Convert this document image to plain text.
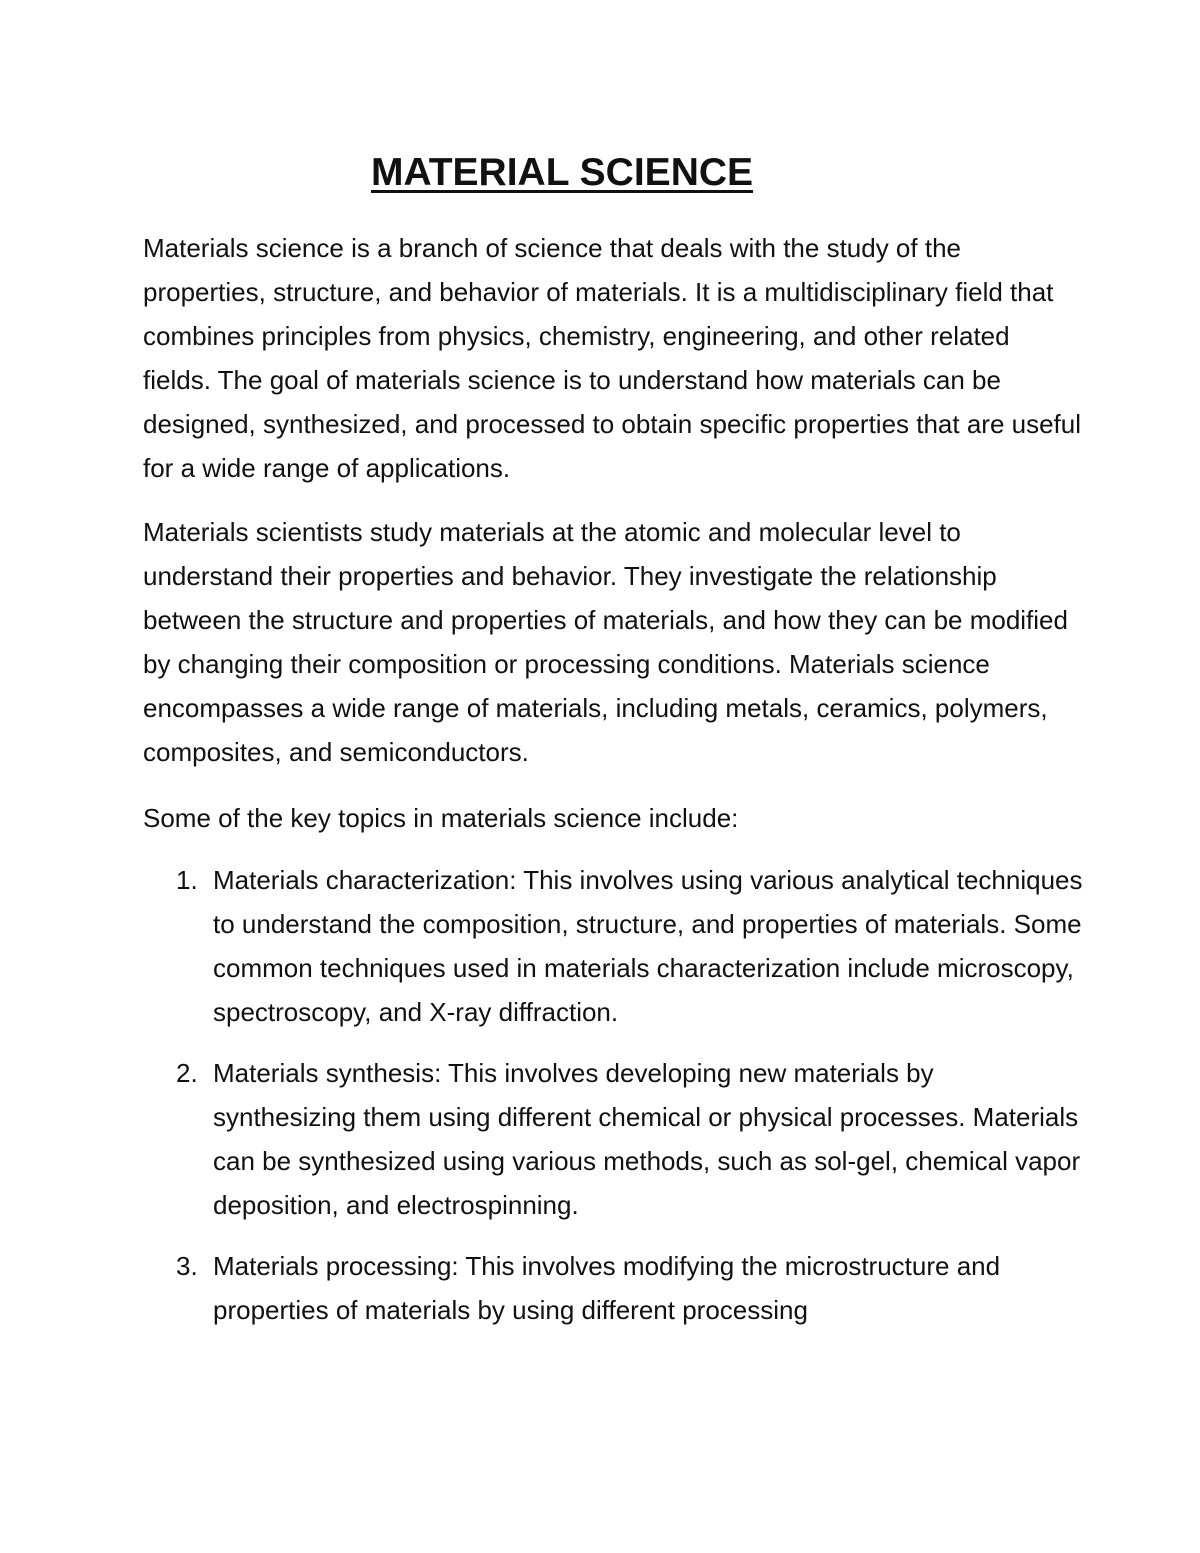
MATERIAL SCIENCE

Materials science is a branch of science that deals with the study of the properties, structure, and behavior of materials. It is a multidisciplinary field that combines principles from physics, chemistry, engineering, and other related fields. The goal of materials science is to understand how materials can be designed, synthesized, and processed to obtain specific properties that are useful for a wide range of applications.

Materials scientists study materials at the atomic and molecular level to understand their properties and behavior. They investigate the relationship between the structure and properties of materials, and how they can be modified by changing their composition or processing conditions. Materials science encompasses a wide range of materials, including metals, ceramics, polymers, composites, and semiconductors.

Some of the key topics in materials science include:

1. Materials characterization: This involves using various analytical techniques to understand the composition, structure, and properties of materials. Some common techniques used in materials characterization include microscopy, spectroscopy, and X-ray diffraction.
2. Materials synthesis: This involves developing new materials by synthesizing them using different chemical or physical processes. Materials can be synthesized using various methods, such as sol-gel, chemical vapor deposition, and electrospinning.
3. Materials processing: This involves modifying the microstructure and properties of materials by using different processing
